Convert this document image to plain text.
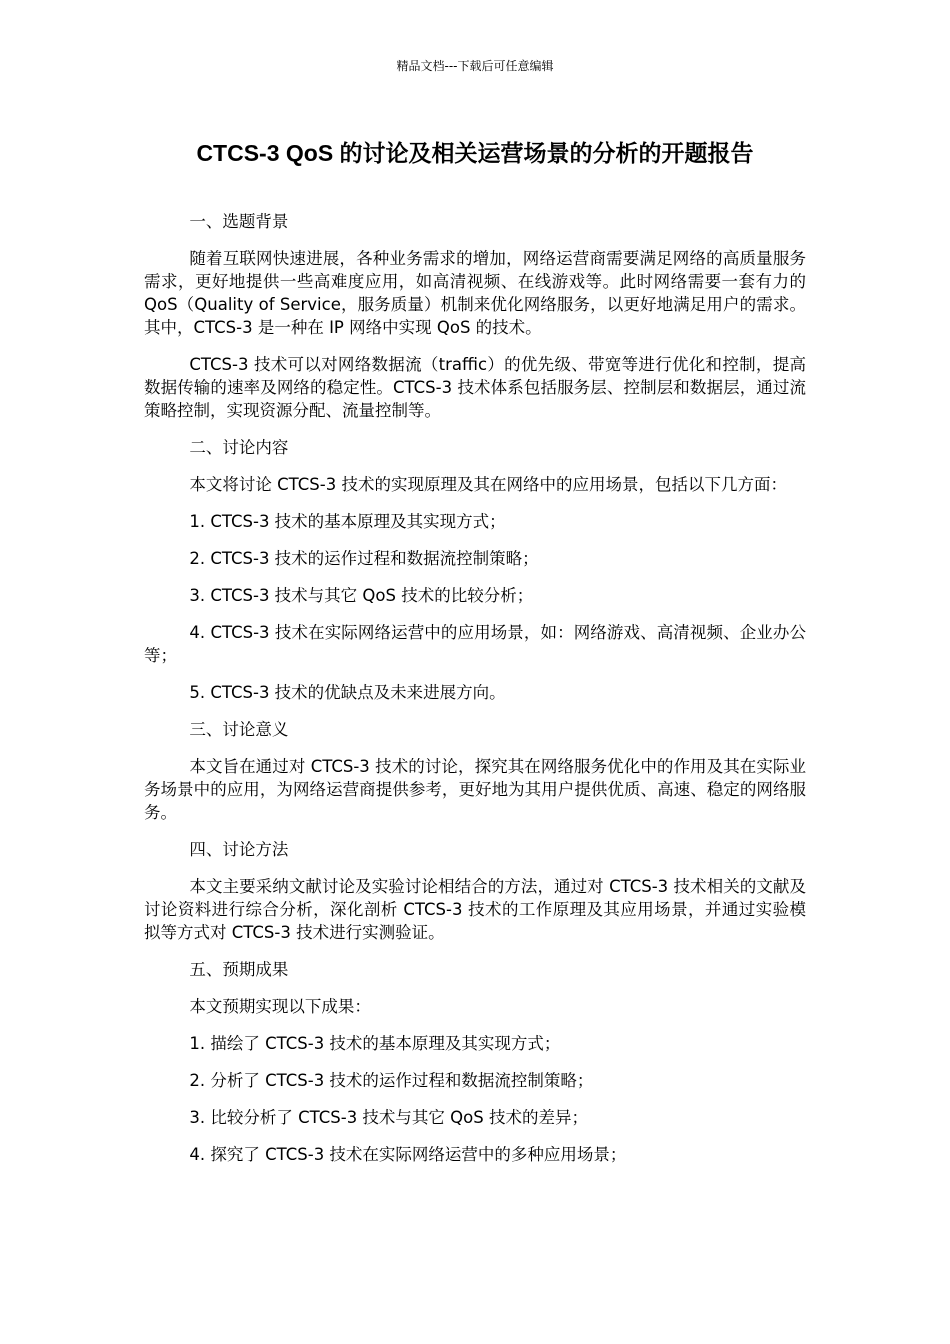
精品文档---下载后可任意编辑
CTCS-3 QoS 的讨论及相关运营场景的分析的开题报告

一、选题背景

随着互联网快速进展，各种业务需求的增加，网络运营商需要满足网络的高质量服务需求，更好地提供一些高难度应用，如高清视频、在线游戏等。此时网络需要一套有力的 QoS（Quality of Service，服务质量）机制来优化网络服务，以更好地满足用户的需求。其中，CTCS-3 是一种在 IP 网络中实现 QoS 的技术。

CTCS-3 技术可以对网络数据流（traffic）的优先级、带宽等进行优化和控制，提高数据传输的速率及网络的稳定性。CTCS-3 技术体系包括服务层、控制层和数据层，通过流策略控制，实现资源分配、流量控制等。

二、讨论内容

本文将讨论 CTCS-3 技术的实现原理及其在网络中的应用场景，包括以下几方面：

1. CTCS-3 技术的基本原理及其实现方式；

2. CTCS-3 技术的运作过程和数据流控制策略；

3. CTCS-3 技术与其它 QoS 技术的比较分析；

4. CTCS-3 技术在实际网络运营中的应用场景，如：网络游戏、高清视频、企业办公等；

5. CTCS-3 技术的优缺点及未来进展方向。

三、讨论意义

本文旨在通过对 CTCS-3 技术的讨论，探究其在网络服务优化中的作用及其在实际业务场景中的应用，为网络运营商提供参考，更好地为其用户提供优质、高速、稳定的网络服务。

四、讨论方法

本文主要采纳文献讨论及实验讨论相结合的方法，通过对 CTCS-3 技术相关的文献及讨论资料进行综合分析，深化剖析 CTCS-3 技术的工作原理及其应用场景，并通过实验模拟等方式对 CTCS-3 技术进行实测验证。

五、预期成果

本文预期实现以下成果：

1. 描绘了 CTCS-3 技术的基本原理及其实现方式；

2. 分析了 CTCS-3 技术的运作过程和数据流控制策略；

3. 比较分析了 CTCS-3 技术与其它 QoS 技术的差异；

4. 探究了 CTCS-3 技术在实际网络运营中的多种应用场景；
